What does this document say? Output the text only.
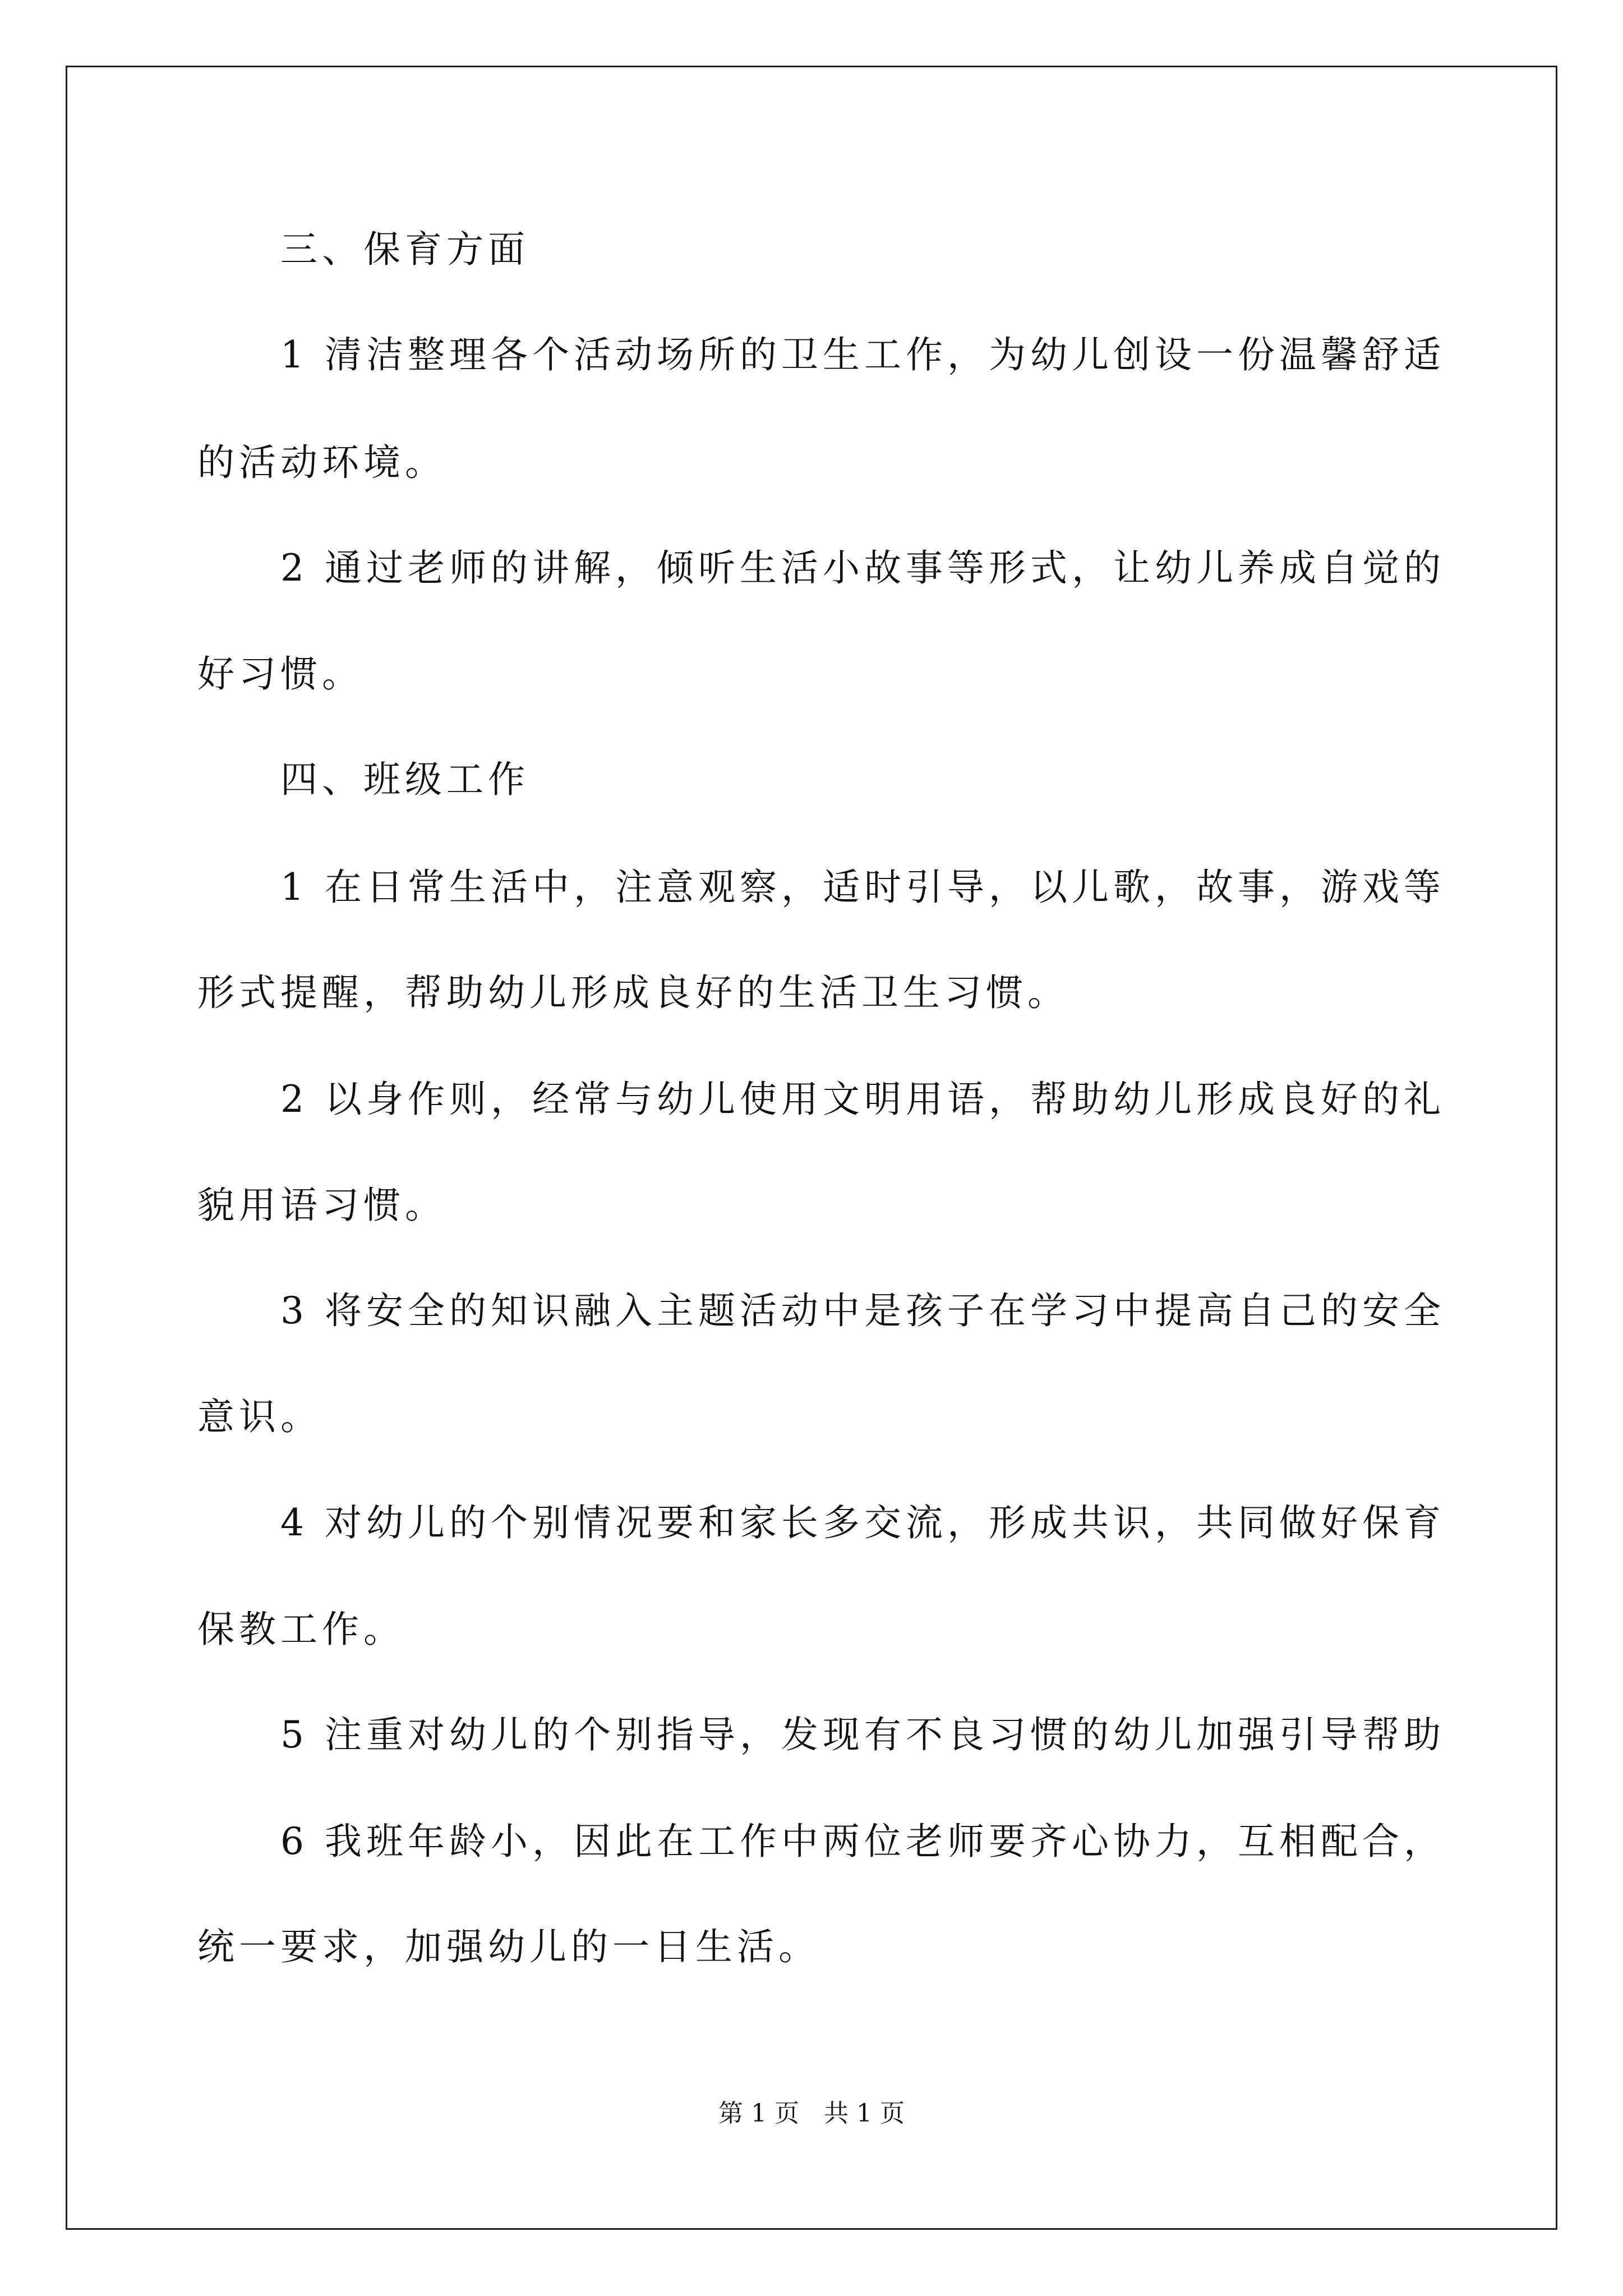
三、保育方面
1 清洁整理各个活动场所的卫生工作，为幼儿创设一份温馨舒适
的活动环境。
2 通过老师的讲解，倾听生活小故事等形式，让幼儿养成自觉的
好习惯。
四、班级工作
1 在日常生活中，注意观察，适时引导，以儿歌，故事，游戏等
形式提醒，帮助幼儿形成良好的生活卫生习惯。
2 以身作则，经常与幼儿使用文明用语，帮助幼儿形成良好的礼
貌用语习惯。
3 将安全的知识融入主题活动中是孩子在学习中提高自己的安全
意识。
4 对幼儿的个别情况要和家长多交流，形成共识，共同做好保育
保教工作。
5 注重对幼儿的个别指导，发现有不良习惯的幼儿加强引导帮助
6 我班年龄小，因此在工作中两位老师要齐心协力，互相配合，
统一要求，加强幼儿的一日生活。
第 1 页　共 1 页
